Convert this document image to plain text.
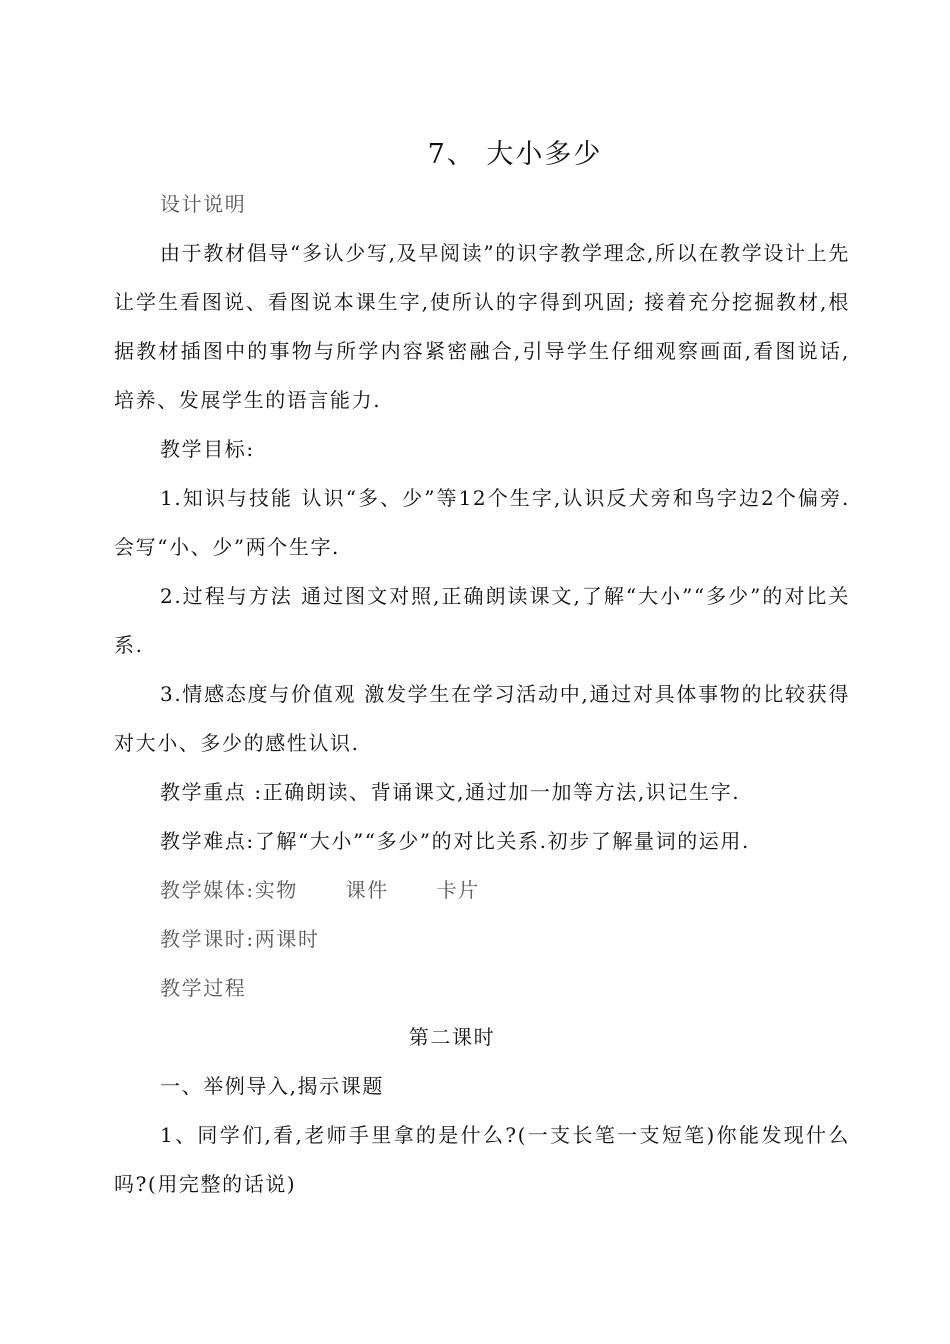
7、 大小多少

设计说明

由于教材倡导“多认少写,及早阅读”的识字教学理念,所以在教学设计上先让学生看图说、看图说本课生字,使所认的字得到巩固; 接着充分挖掘教材,根据教材插图中的事物与所学内容紧密融合,引导学生仔细观察画面,看图说话,培养、发展学生的语言能力.

教学目标:

1.知识与技能 认识“多、少”等12个生字,认识反犬旁和鸟字边2个偏旁.会写“小、少”两个生字.

2.过程与方法 通过图文对照,正确朗读课文,了解“大小”“多少”的对比关系.

3.情感态度与价值观 激发学生在学习活动中,通过对具体事物的比较获得对大小、多少的感性认识.

教学重点 :正确朗读、背诵课文,通过加一加等方法,识记生字.

教学难点:了解“大小”“多少”的对比关系.初步了解量词的运用.

教学媒体:实物      课件      卡片

教学课时:两课时

教学过程

第二课时

一、举例导入,揭示课题

1、同学们,看,老师手里拿的是什么?(一支长笔一支短笔)你能发现什么吗?(用完整的话说)
